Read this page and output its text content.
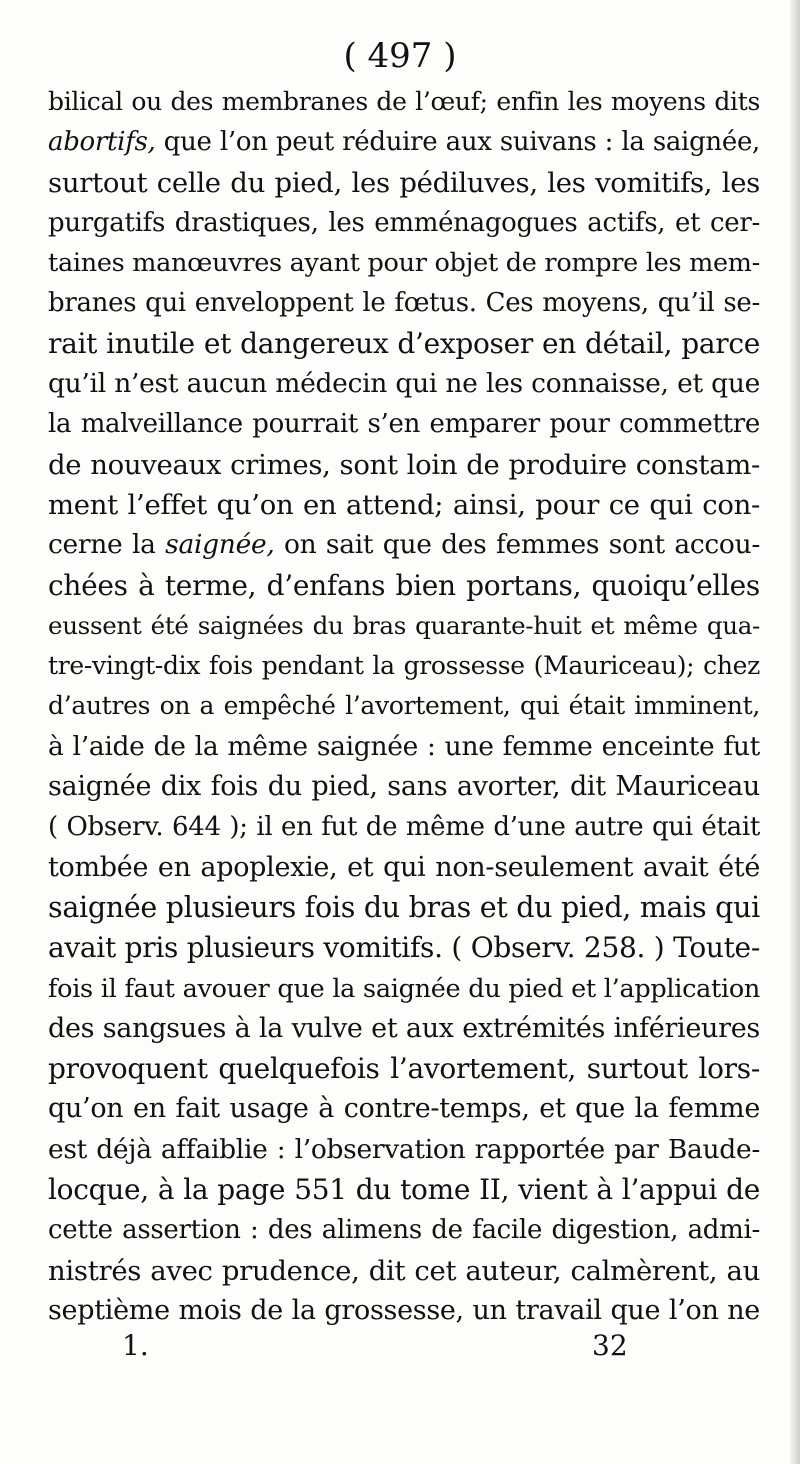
( 497 )
bilical ou des membranes de l’œuf; enfin les moyens dits
abortifs, que l’on peut réduire aux suivans : la saignée,
surtout celle du pied, les pédiluves, les vomitifs, les
purgatifs drastiques, les emménagogues actifs, et cer-
taines manœuvres ayant pour objet de rompre les mem-
branes qui enveloppent le fœtus. Ces moyens, qu’il se-
rait inutile et dangereux d’exposer en détail, parce
qu’il n’est aucun médecin qui ne les connaisse, et que
la malveillance pourrait s’en emparer pour commettre
de nouveaux crimes, sont loin de produire constam-
ment l’effet qu’on en attend; ainsi, pour ce qui con-
cerne la saignée, on sait que des femmes sont accou-
chées à terme, d’enfans bien portans, quoiqu’elles
eussent été saignées du bras quarante-huit et même qua-
tre-vingt-dix fois pendant la grossesse (Mauriceau); chez
d’autres on a empêché l’avortement, qui était imminent,
à l’aide de la même saignée : une femme enceinte fut
saignée dix fois du pied, sans avorter, dit Mauriceau
( Observ. 644 ); il en fut de même d’une autre qui était
tombée en apoplexie, et qui non-seulement avait été
saignée plusieurs fois du bras et du pied, mais qui
avait pris plusieurs vomitifs. ( Observ. 258. ) Toute-
fois il faut avouer que la saignée du pied et l’application
des sangsues à la vulve et aux extrémités inférieures
provoquent quelquefois l’avortement, surtout lors-
qu’on en fait usage à contre-temps, et que la femme
est déjà affaiblie : l’observation rapportée par Baude-
locque, à la page 551 du tome II, vient à l’appui de
cette assertion : des alimens de facile digestion, admi-
nistrés avec prudence, dit cet auteur, calmèrent, au
septième mois de la grossesse, un travail que l’on ne
1.	32
